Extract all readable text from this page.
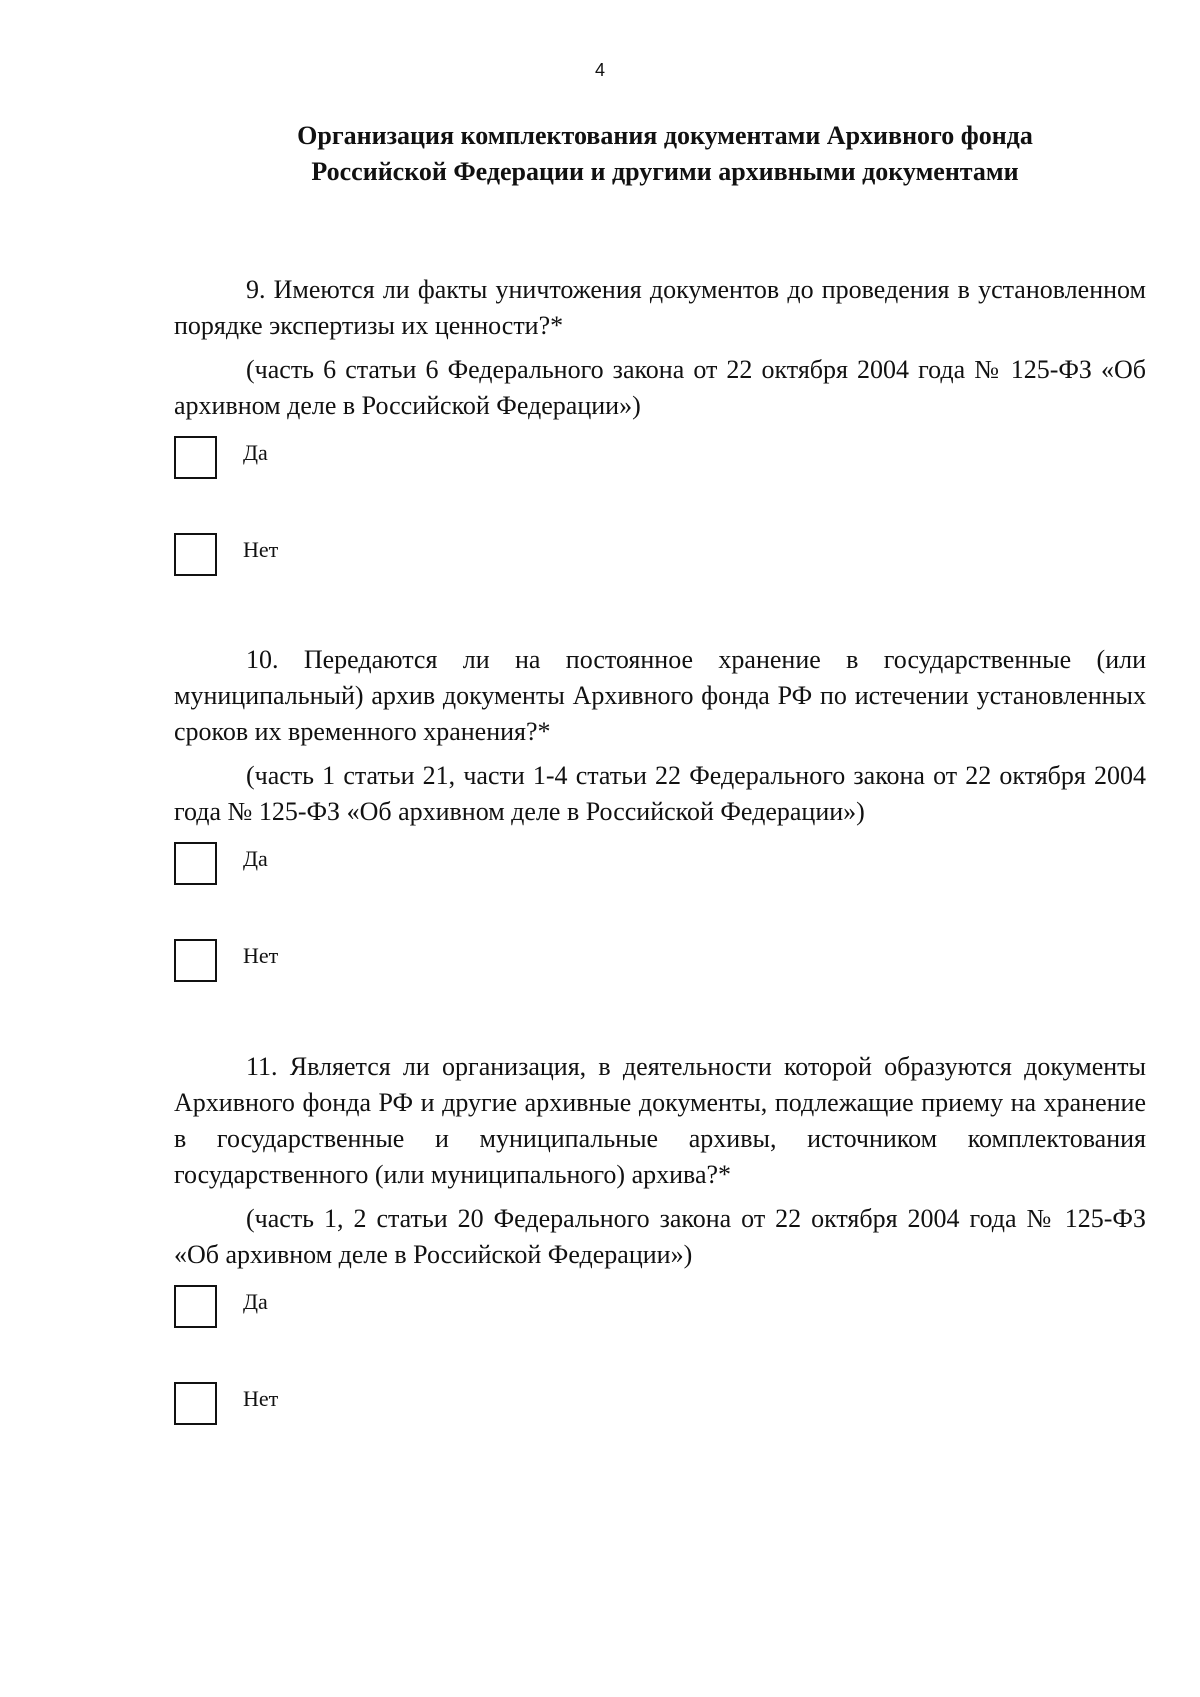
4
Организация комплектования документами Архивного фонда Российской Федерации и другими архивными документами
9. Имеются ли факты уничтожения документов до проведения в установленном порядке экспертизы их ценности?*
(часть 6 статьи 6 Федерального закона от 22 октября 2004 года № 125-ФЗ «Об архивном деле в Российской Федерации»)
Да
Нет
10. Передаются ли на постоянное хранение в государственные (или муниципальный) архив документы Архивного фонда РФ по истечении установленных сроков их временного хранения?*
(часть 1 статьи 21, части 1-4 статьи 22 Федерального закона от 22 октября 2004 года № 125-ФЗ «Об архивном деле в Российской Федерации»)
Да
Нет
11. Является ли организация, в деятельности которой образуются документы Архивного фонда РФ и другие архивные документы, подлежащие приему на хранение в государственные и муниципальные архивы, источником комплектования государственного (или муниципального) архива?*
(часть 1, 2 статьи 20 Федерального закона от 22 октября 2004 года № 125-ФЗ «Об архивном деле в Российской Федерации»)
Да
Нет
